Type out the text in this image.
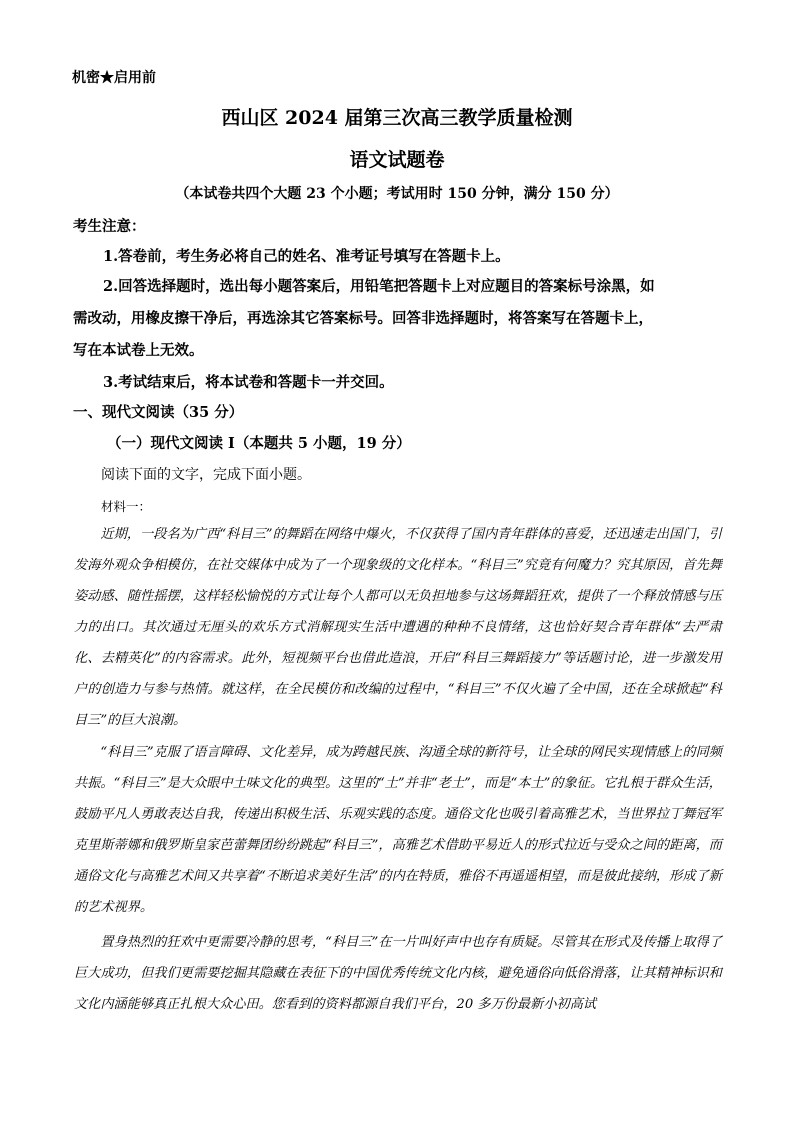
机密★启用前
西山区 2024 届第三次高三教学质量检测
语文试题卷
（本试卷共四个大题 23 个小题；考试用时 150 分钟，满分 150 分）
考生注意：
1.答卷前，考生务必将自己的姓名、准考证号填写在答题卡上。
2.回答选择题时，选出每小题答案后，用铅笔把答题卡上对应题目的答案标号涂黑，如
需改动，用橡皮擦干净后，再选涂其它答案标号。回答非选择题时，将答案写在答题卡上，
写在本试卷上无效。
3.考试结束后，将本试卷和答题卡一并交回。
一、现代文阅读（35 分）
（一）现代文阅读 I（本题共 5 小题，19 分）
阅读下面的文字，完成下面小题。
材料一：
近期，一段名为广西“科目三”的舞蹈在网络中爆火，不仅获得了国内青年群体的喜爱，还迅速走出国门，引发海外观众争相模仿，在社交媒体中成为了一个现象级的文化样本。“科目三”究竟有何魔力？究其原因，首先舞姿动感、随性摇摆，这样轻松愉悦的方式让每个人都可以无负担地参与这场舞蹈狂欢，提供了一个释放情感与压力的出口。其次通过无厘头的欢乐方式消解现实生活中遭遇的种种不良情绪，这也恰好契合青年群体“去严肃化、去精英化”的内容需求。此外，短视频平台也借此造浪，开启“科目三舞蹈接力”等话题讨论，进一步激发用户的创造力与参与热情。就这样，在全民模仿和改编的过程中，“科目三”不仅火遍了全中国，还在全球掀起“科目三”的巨大浪潮。
“科目三”克服了语言障碍、文化差异，成为跨越民族、沟通全球的新符号，让全球的网民实现情感上的同频共振。“科目三”是大众眼中土味文化的典型。这里的“土”并非“老土”，而是“本土”的象征。它扎根于群众生活，鼓励平凡人勇敢表达自我，传递出积极生活、乐观实践的态度。通俗文化也吸引着高雅艺术，当世界拉丁舞冠军克里斯蒂娜和俄罗斯皇家芭蕾舞团纷纷跳起“科目三”，高雅艺术借助平易近人的形式拉近与受众之间的距离，而通俗文化与高雅艺术间又共享着“不断追求美好生活”的内在特质，雅俗不再遥遥相望，而是彼此接纳，形成了新的艺术视界。
置身热烈的狂欢中更需要冷静的思考，“科目三”在一片叫好声中也存有质疑。尽管其在形式及传播上取得了巨大成功，但我们更需要挖掘其隐藏在表征下的中国优秀传统文化内核，避免通俗向低俗滑落，让其精神标识和文化内涵能够真正扎根大众心田。您看到的资料都源自我们平台，20 多万份最新小初高试
